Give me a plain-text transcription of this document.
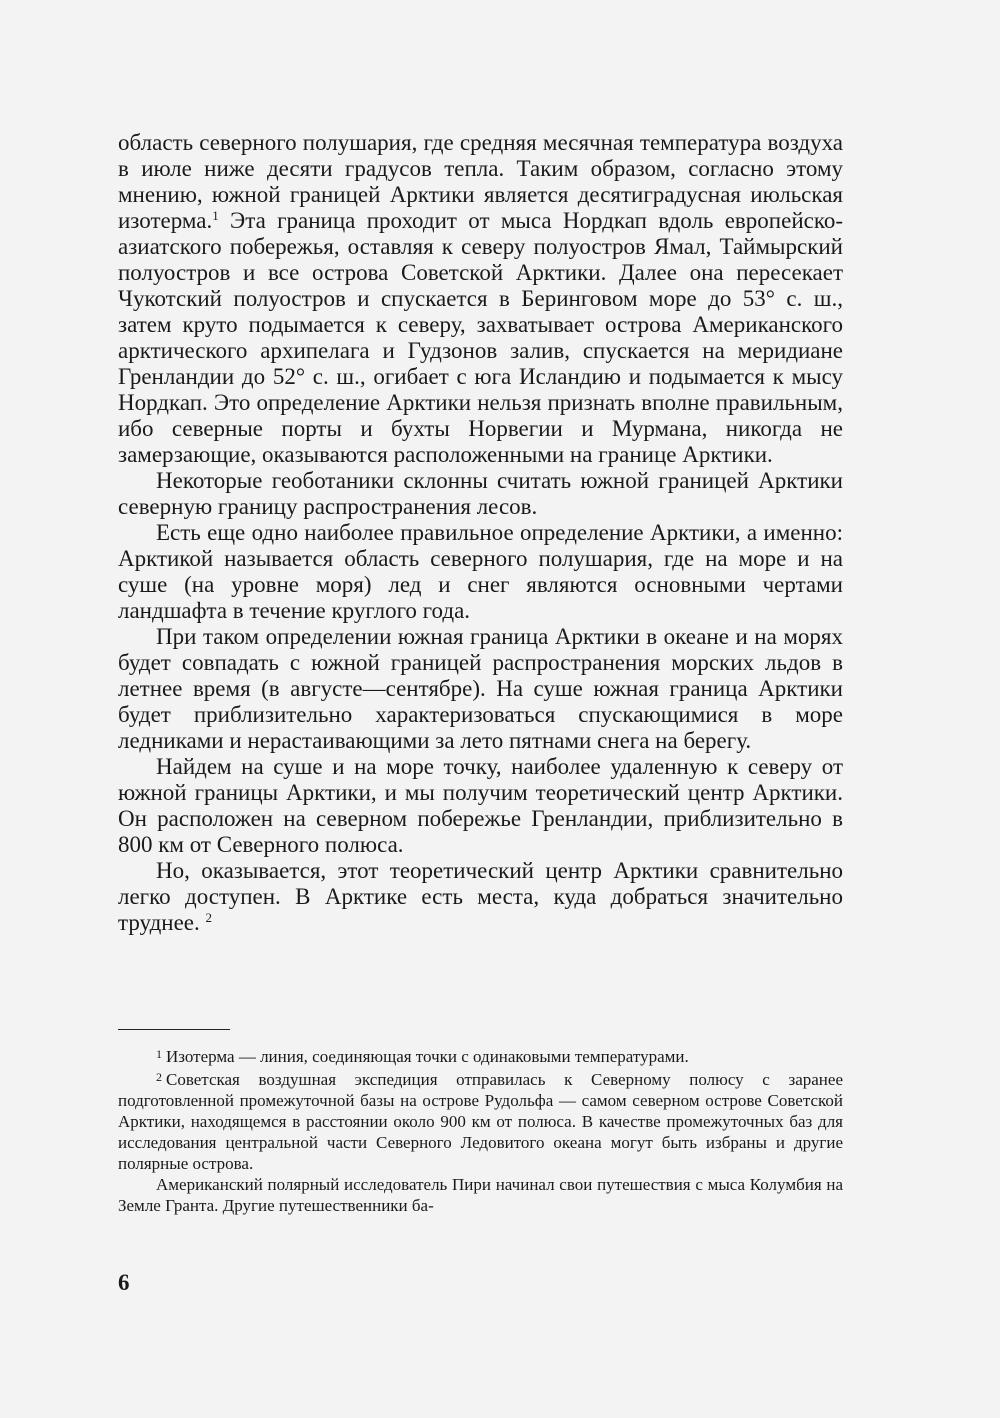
область северного полушария, где средняя месячная температура воздуха в июле ниже десяти градусов тепла. Таким образом, согласно этому мнению, южной границей Арктики является десятиградусная июльская изотерма.$^1$ Эта граница проходит от мыса Нордкап вдоль европейско-азиатского побережья, оставляя к северу полуостров Ямал, Таймырский полуостров и все острова Советской Арктики. Далее она пересекает Чукотский полуостров и спускается в Беринговом море до 53° с. ш., затем круто подымается к северу, захватывает острова Американского арктического архипелага и Гудзонов залив, спускается на меридиане Гренландии до 52° с. ш., огибает с юга Исландию и подымается к мысу Нордкап. Это определение Арктики нельзя признать вполне правильным, ибо северные порты и бухты Норвегии и Мурмана, никогда не замерзающие, оказываются расположенными на границе Арктики.

Некоторые геоботаники склонны считать южной границей Арктики северную границу распространения лесов.

Есть еще одно наиболее правильное определение Арктики, а именно: Арктикой называется область северного полушария, где на море и на суше (на уровне моря) лед и снег являются основными чертами ландшафта в течение круглого года.

При таком определении южная граница Арктики в океане и на морях будет совпадать с южной границей распространения морских льдов в летнее время (в августе—сентябре). На суше южная граница Арктики будет приблизительно характеризоваться спускающимися в море ледниками и нерастаивающими за лето пятнами снега на берегу.

Найдем на суше и на море точку, наиболее удаленную к северу от южной границы Арктики, и мы получим теоретический центр Арктики. Он расположен на северном побережье Гренландии, приблизительно в 800 км от Северного полюса.

Но, оказывается, этот теоретический центр Арктики сравнительно легко доступен. В Арктике есть места, куда добраться значительно труднее. $^2$

$^1$ Изотерма — линия, соединяющая точки с одинаковыми температурами.

$^2$ Советская воздушная экспедиция отправилась к Северному полюсу с заранее подготовленной промежуточной базы на острове Рудольфа — самом северном острове Советской Арктики, находящемся в расстоянии около 900 км от полюса. В качестве промежуточных баз для исследования центральной части Северного Ледовитого океана могут быть избраны и другие полярные острова.

Американский полярный исследователь Пири начинал свои путешествия с мыса Колумбия на Земле Гранта. Другие путешественники ба-

6
